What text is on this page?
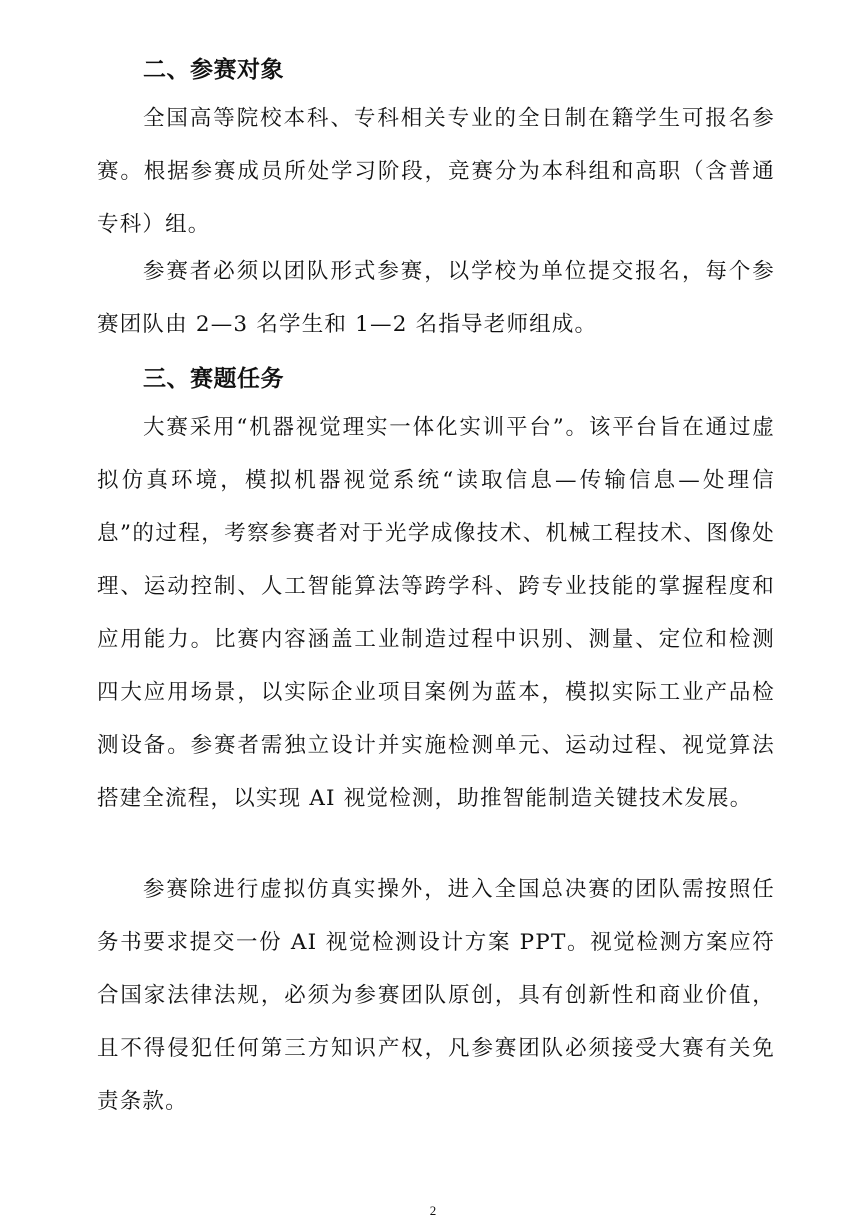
二、参赛对象

全国高等院校本科、专科相关专业的全日制在籍学生可报名参赛。根据参赛成员所处学习阶段，竞赛分为本科组和高职（含普通专科）组。

参赛者必须以团队形式参赛，以学校为单位提交报名，每个参赛团队由 2—3 名学生和 1—2 名指导老师组成。

三、赛题任务

大赛采用“机器视觉理实一体化实训平台”。该平台旨在通过虚拟仿真环境，模拟机器视觉系统“读取信息—传输信息—处理信息”的过程，考察参赛者对于光学成像技术、机械工程技术、图像处理、运动控制、人工智能算法等跨学科、跨专业技能的掌握程度和应用能力。比赛内容涵盖工业制造过程中识别、测量、定位和检测四大应用场景，以实际企业项目案例为蓝本，模拟实际工业产品检测设备。参赛者需独立设计并实施检测单元、运动过程、视觉算法搭建全流程，以实现 AI 视觉检测，助推智能制造关键技术发展。

参赛除进行虚拟仿真实操外，进入全国总决赛的团队需按照任务书要求提交一份 AI 视觉检测设计方案 PPT。视觉检测方案应符合国家法律法规，必须为参赛团队原创，具有创新性和商业价值，且不得侵犯任何第三方知识产权，凡参赛团队必须接受大赛有关免责条款。

2
